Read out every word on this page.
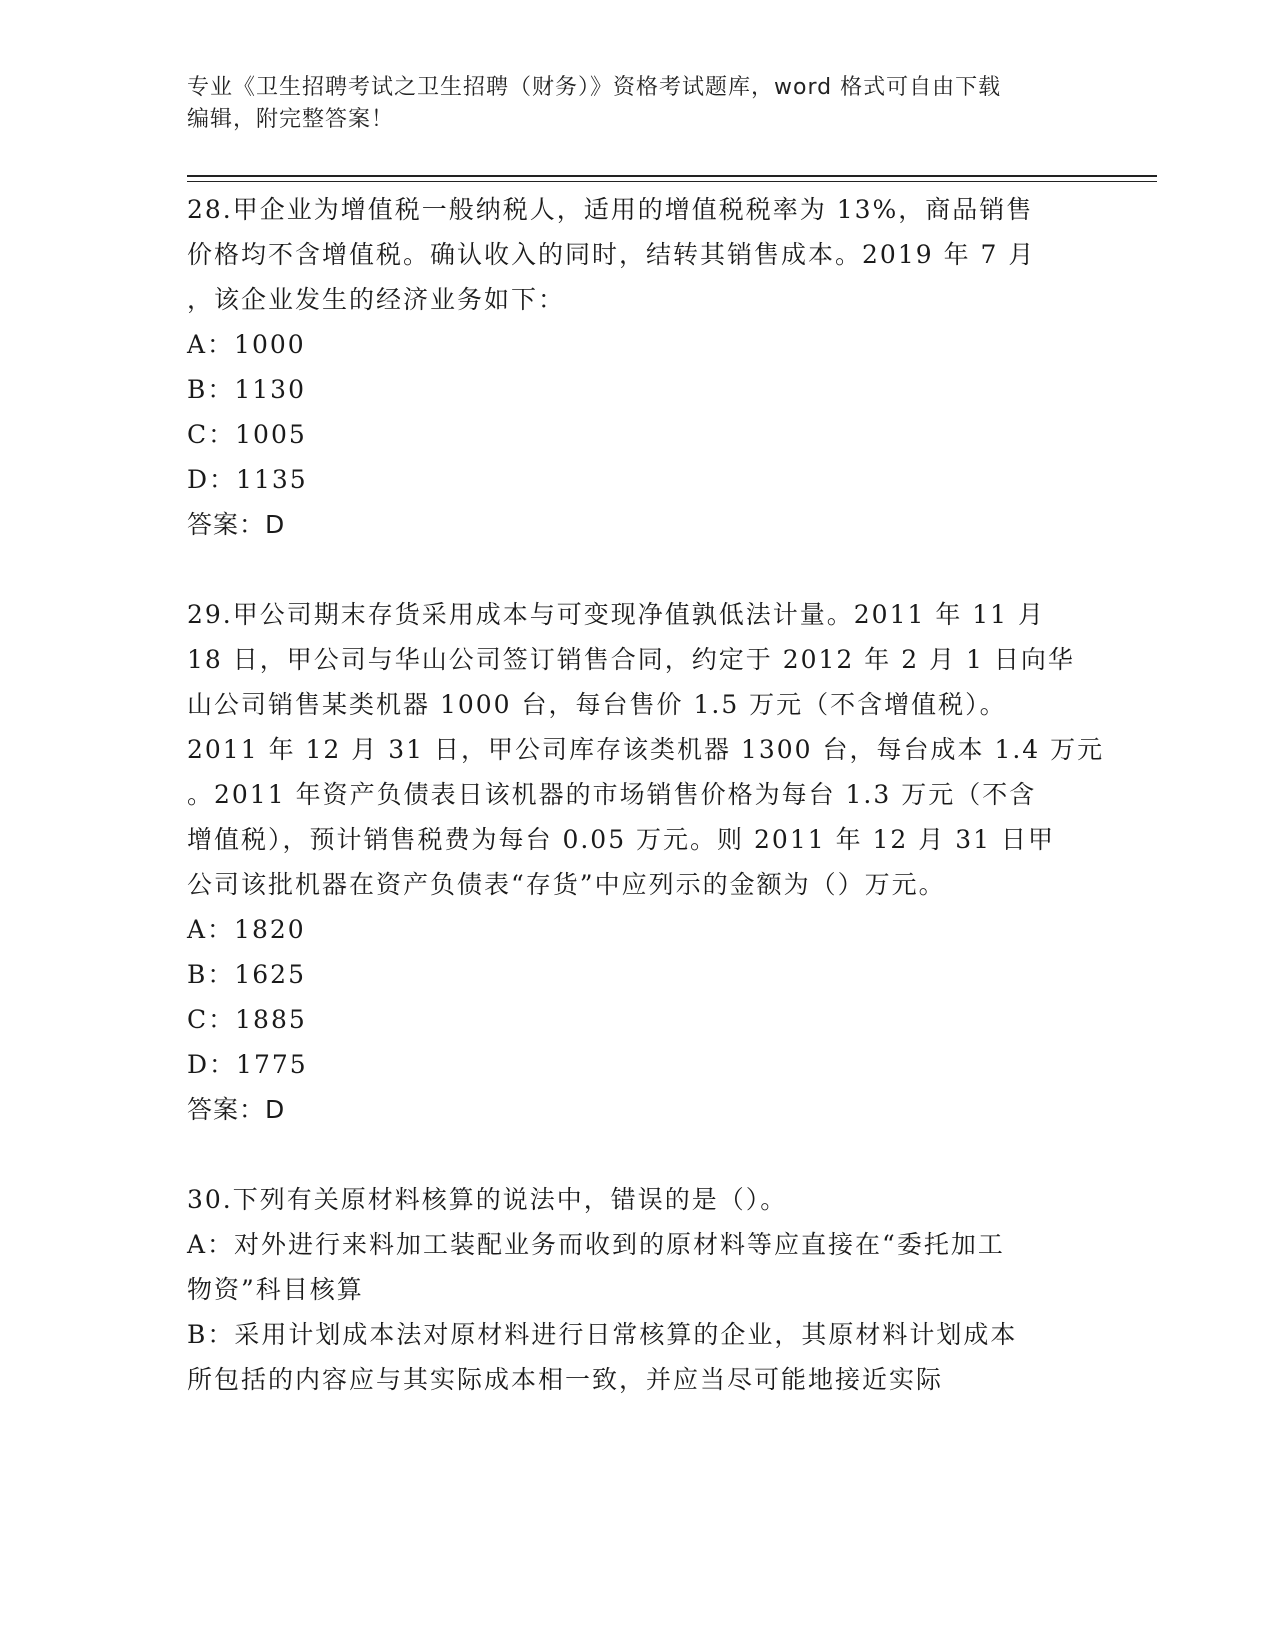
专业《卫生招聘考试之卫生招聘（财务）》资格考试题库，word 格式可自由下载
编辑，附完整答案！
28.甲企业为增值税一般纳税人，适用的增值税税率为 13%，商品销售
价格均不含增值税。确认收入的同时，结转其销售成本。2019 年 7 月
，该企业发生的经济业务如下：
A：1000
B：1130
C：1005
D：1135
答案：D
29.甲公司期末存货采用成本与可变现净值孰低法计量。2011 年 11 月
18 日，甲公司与华山公司签订销售合同，约定于 2012 年 2 月 1 日向华
山公司销售某类机器 1000 台，每台售价 1.5 万元（不含增值税）。
2011 年 12 月 31 日，甲公司库存该类机器 1300 台，每台成本 1.4 万元
。2011 年资产负债表日该机器的市场销售价格为每台 1.3 万元（不含
增值税），预计销售税费为每台 0.05 万元。则 2011 年 12 月 31 日甲
公司该批机器在资产负债表“存货”中应列示的金额为（）万元。
A：1820
B：1625
C：1885
D：1775
答案：D
30.下列有关原材料核算的说法中，错误的是（）。
A：对外进行来料加工装配业务而收到的原材料等应直接在“委托加工
物资”科目核算
B：采用计划成本法对原材料进行日常核算的企业，其原材料计划成本
所包括的内容应与其实际成本相一致，并应当尽可能地接近实际
